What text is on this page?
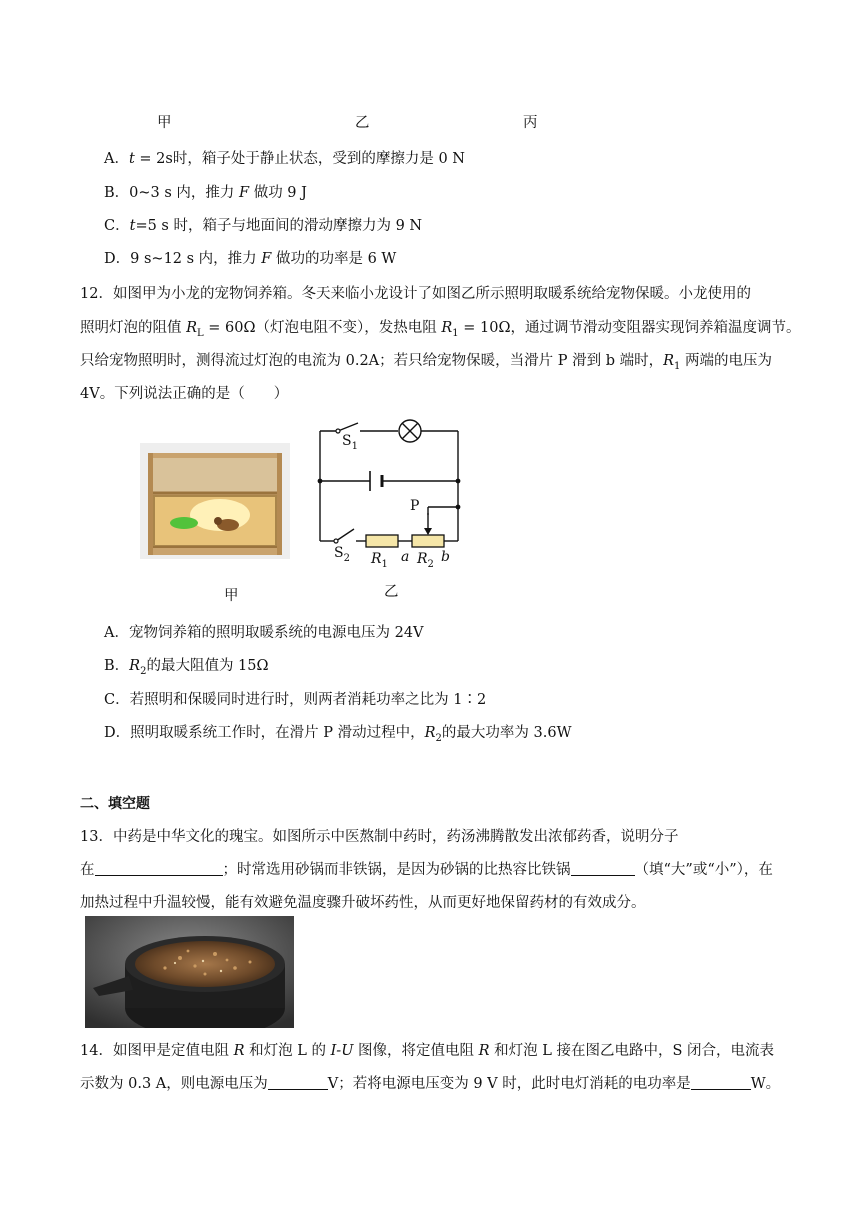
甲	乙	丙
A．t = 2s时，箱子处于静止状态，受到的摩擦力是 0 N
B．0~3 s 内，推力 F 做功 9 J
C．t=5 s 时，箱子与地面间的滑动摩擦力为 9 N
D．9 s~12 s 内，推力 F 做功的功率是 6 W
12．如图甲为小龙的宠物饲养箱。冬天来临小龙设计了如图乙所示照明取暖系统给宠物保暖。小龙使用的
照明灯泡的阻值 $R_L = 60\Omega$（灯泡电阻不变），发热电阻 $R_1 = 10\Omega$，通过调节滑动变阻器实现饲养箱温度调节。
只给宠物照明时，测得流过灯泡的电流为 0.2A；若只给宠物保暖，当滑片 P 滑到 b 端时，$R_1$ 两端的电压为
4V。下列说法正确的是（　　）
甲
$S_1$
$S_2$
P
$R_1$ a $R_2$ b
乙
A．宠物饲养箱的照明取暖系统的电源电压为 24V
B．$R_2$的最大阻值为 15Ω
C．若照明和保暖同时进行时，则两者消耗功率之比为 1∶2
D．照明取暖系统工作时，在滑片 P 滑动过程中，$R_2$的最大功率为 3.6W
二、填空题
13．中药是中华文化的瑰宝。如图所示中医熬制中药时，药汤沸腾散发出浓郁药香，说明分子
在	；时常选用砂锅而非铁锅，是因为砂锅的比热容比铁锅	（填“大”或“小”），在
加热过程中升温较慢，能有效避免温度骤升破坏药性，从而更好地保留药材的有效成分。
14．如图甲是定值电阻 R 和灯泡 L 的 I-U 图像，将定值电阻 R 和灯泡 L 接在图乙电路中，S 闭合，电流表
示数为 0.3 A，则电源电压为	V；若将电源电压变为 9 V 时，此时电灯消耗的电功率是	W。
